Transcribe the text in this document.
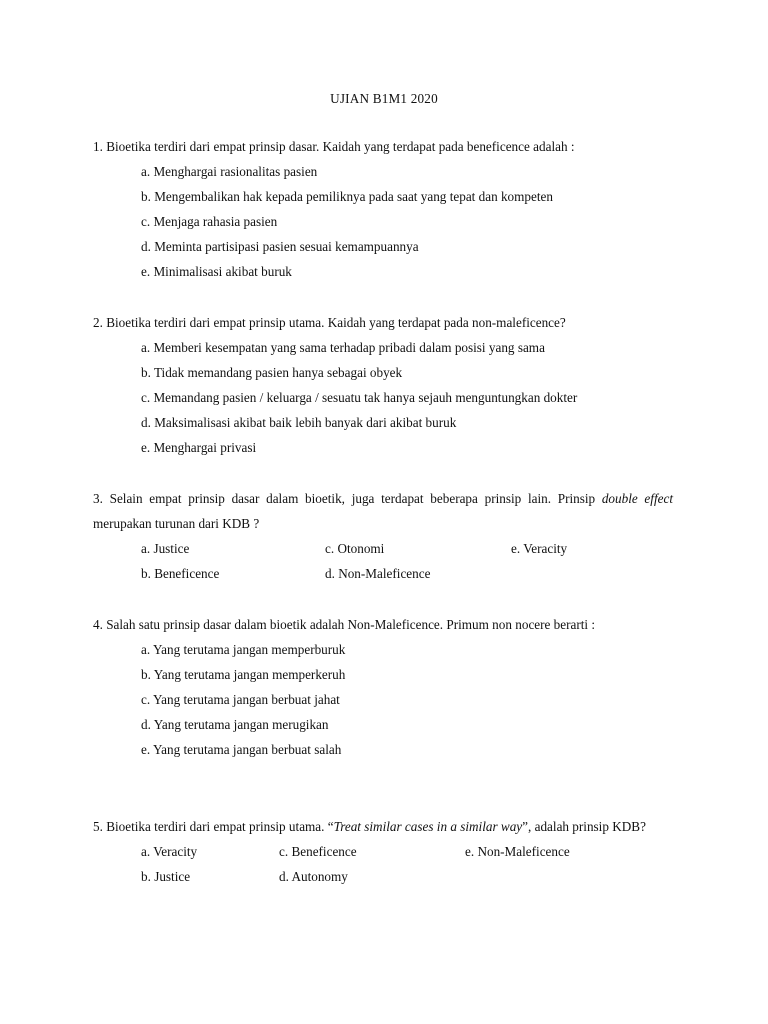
UJIAN B1M1 2020

1. Bioetika terdiri dari empat prinsip dasar. Kaidah yang terdapat pada beneficence adalah :

a. Menghargai rasionalitas pasien
b. Mengembalikan hak kepada pemiliknya pada saat yang tepat dan kompeten
c. Menjaga rahasia pasien
d. Meminta partisipasi pasien sesuai kemampuannya
e. Minimalisasi akibat buruk

2. Bioetika terdiri dari empat prinsip utama. Kaidah yang terdapat pada non-maleficence?

a. Memberi kesempatan yang sama terhadap pribadi dalam posisi yang sama
b. Tidak memandang pasien hanya sebagai obyek
c. Memandang pasien / keluarga / sesuatu tak hanya sejauh menguntungkan dokter
d. Maksimalisasi akibat baik lebih banyak dari akibat buruk
e. Menghargai privasi

3. Selain empat prinsip dasar dalam bioetik, juga terdapat beberapa prinsip lain. Prinsip double effect merupakan turunan dari KDB ?

a. Justice	c. Otonomi	e. Veracity
b. Beneficence	d. Non-Maleficence

4. Salah satu prinsip dasar dalam bioetik adalah Non-Maleficence. Primum non nocere berarti :

a. Yang terutama jangan memperburuk
b. Yang terutama jangan memperkeruh
c. Yang terutama jangan berbuat jahat
d. Yang terutama jangan merugikan
e. Yang terutama jangan berbuat salah

5. Bioetika terdiri dari empat prinsip utama. “Treat similar cases in a similar way”, adalah prinsip KDB?

a. Veracity	c. Beneficence	e. Non-Maleficence
b. Justice	d. Autonomy
